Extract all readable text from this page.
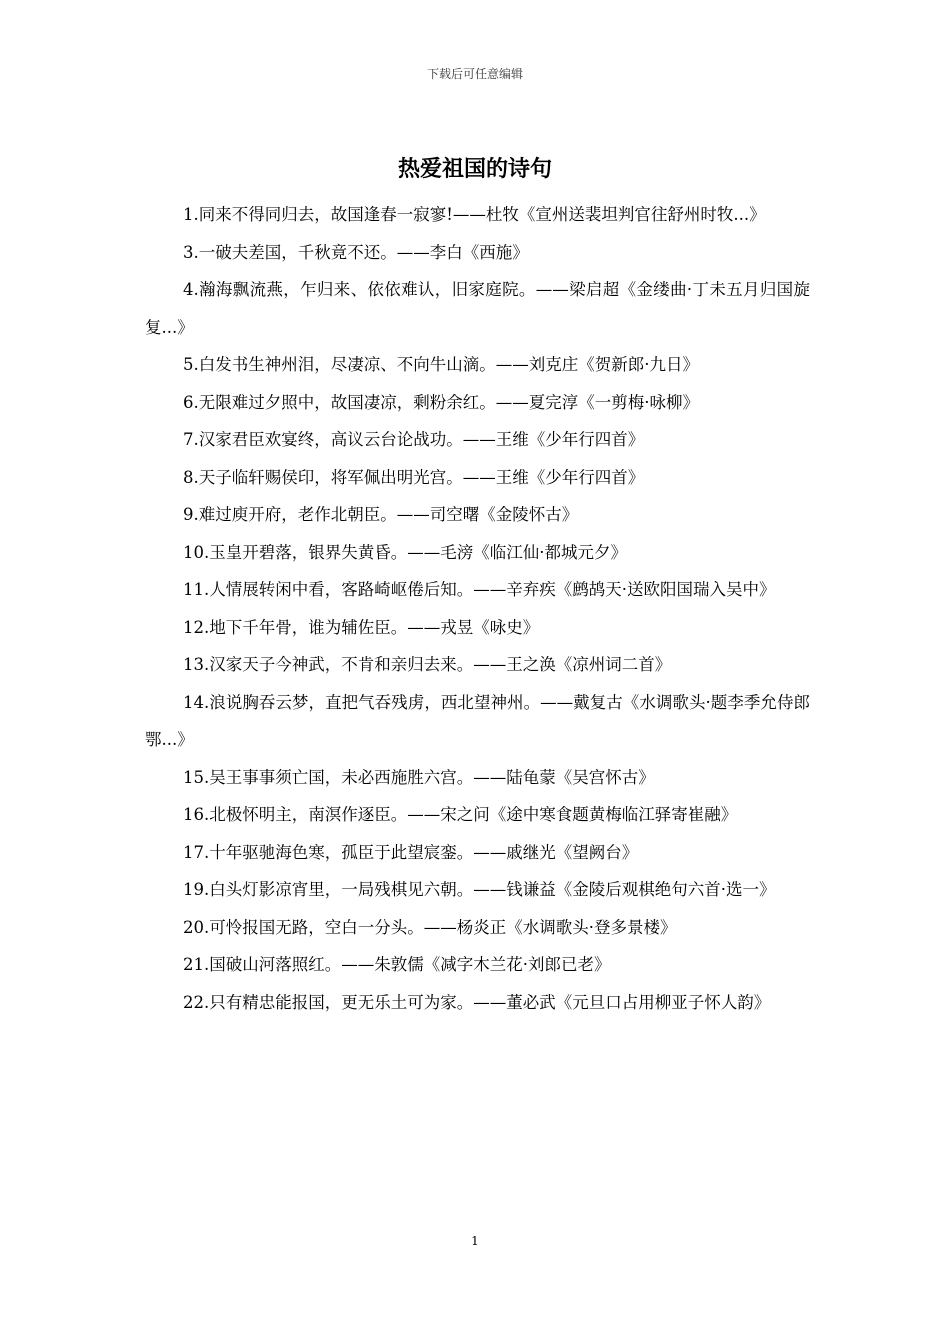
下载后可任意编辑
热爱祖国的诗句
1.同来不得同归去，故国逢春一寂寥!——杜牧《宣州送裴坦判官往舒州时牧...》
3.一破夫差国，千秋竟不还。——李白《西施》
4.瀚海飘流燕，乍归来、依依难认，旧家庭院。——梁启超《金缕曲·丁未五月归国旋复...》
5.白发书生神州泪，尽凄凉、不向牛山滴。——刘克庄《贺新郎·九日》
6.无限难过夕照中，故国凄凉，剩粉余红。——夏完淳《一剪梅·咏柳》
7.汉家君臣欢宴终，高议云台论战功。——王维《少年行四首》
8.天子临轩赐侯印，将军佩出明光宫。——王维《少年行四首》
9.难过庾开府，老作北朝臣。——司空曙《金陵怀古》
10.玉皇开碧落，银界失黄昏。——毛滂《临江仙·都城元夕》
11.人情展转闲中看，客路崎岖倦后知。——辛弃疾《鹧鸪天·送欧阳国瑞入吴中》
12.地下千年骨，谁为辅佐臣。——戎昱《咏史》
13.汉家天子今神武，不肯和亲归去来。——王之涣《凉州词二首》
14.浪说胸吞云梦，直把气吞残虏，西北望神州。——戴复古《水调歌头·题李季允侍郎鄂...》
15.吴王事事须亡国，未必西施胜六宫。——陆龟蒙《吴宫怀古》
16.北极怀明主，南溟作逐臣。——宋之问《途中寒食题黄梅临江驿寄崔融》
17.十年驱驰海色寒，孤臣于此望宸銮。——戚继光《望阙台》
19.白头灯影凉宵里，一局残棋见六朝。——钱谦益《金陵后观棋绝句六首·选一》
20.可怜报国无路，空白一分头。——杨炎正《水调歌头·登多景楼》
21.国破山河落照红。——朱敦儒《减字木兰花·刘郎已老》
22.只有精忠能报国，更无乐土可为家。——董必武《元旦口占用柳亚子怀人韵》
1
